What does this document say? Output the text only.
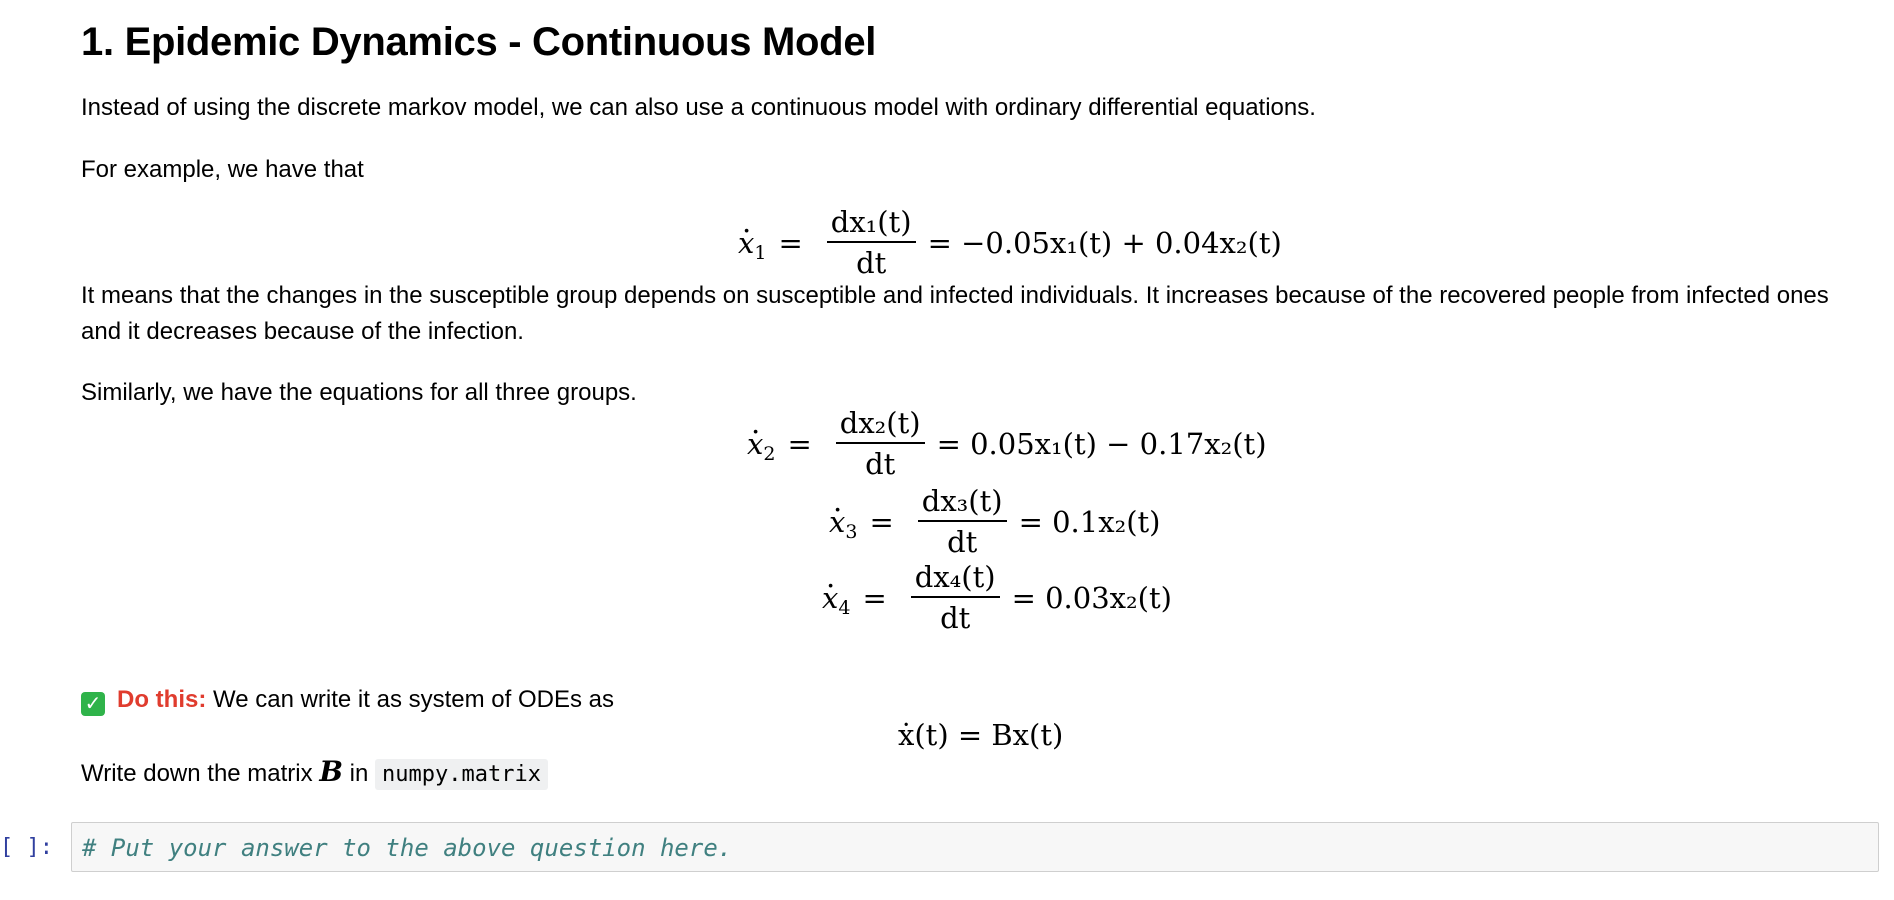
1. Epidemic Dynamics - Continuous Model

Instead of using the discrete markov model, we can also use a continuous model with ordinary differential equations.

For example, we have that

. $x_1 = \frac{\text{dx₁(t)}}{dt} = -0.05x_1(t) + 0.04x_2(t)$

It means that the changes in the susceptible group depends on susceptible and infected individuals. It increases because of the recovered people from infected ones and it decreases because of the infection.

Similarly, we have the equations for all three groups.

. $x_2 = \frac{\text{dx₂(t)}}{dt} = 0.05x_1(t) - 0.17x_2(t)$
. $x_3 = \frac{\text{dx₃(t)}}{dt} = 0.1x_2(t)$
. $x_4 = \frac{\text{dx₄(t)}}{dt} = 0.03x_2(t)$

✓ Do this: We can write it as system of ODEs as

ẋ(t) = Bx(t)

Write down the matrix B in numpy.matrix

[ ]: # Put your answer to the above question here.
